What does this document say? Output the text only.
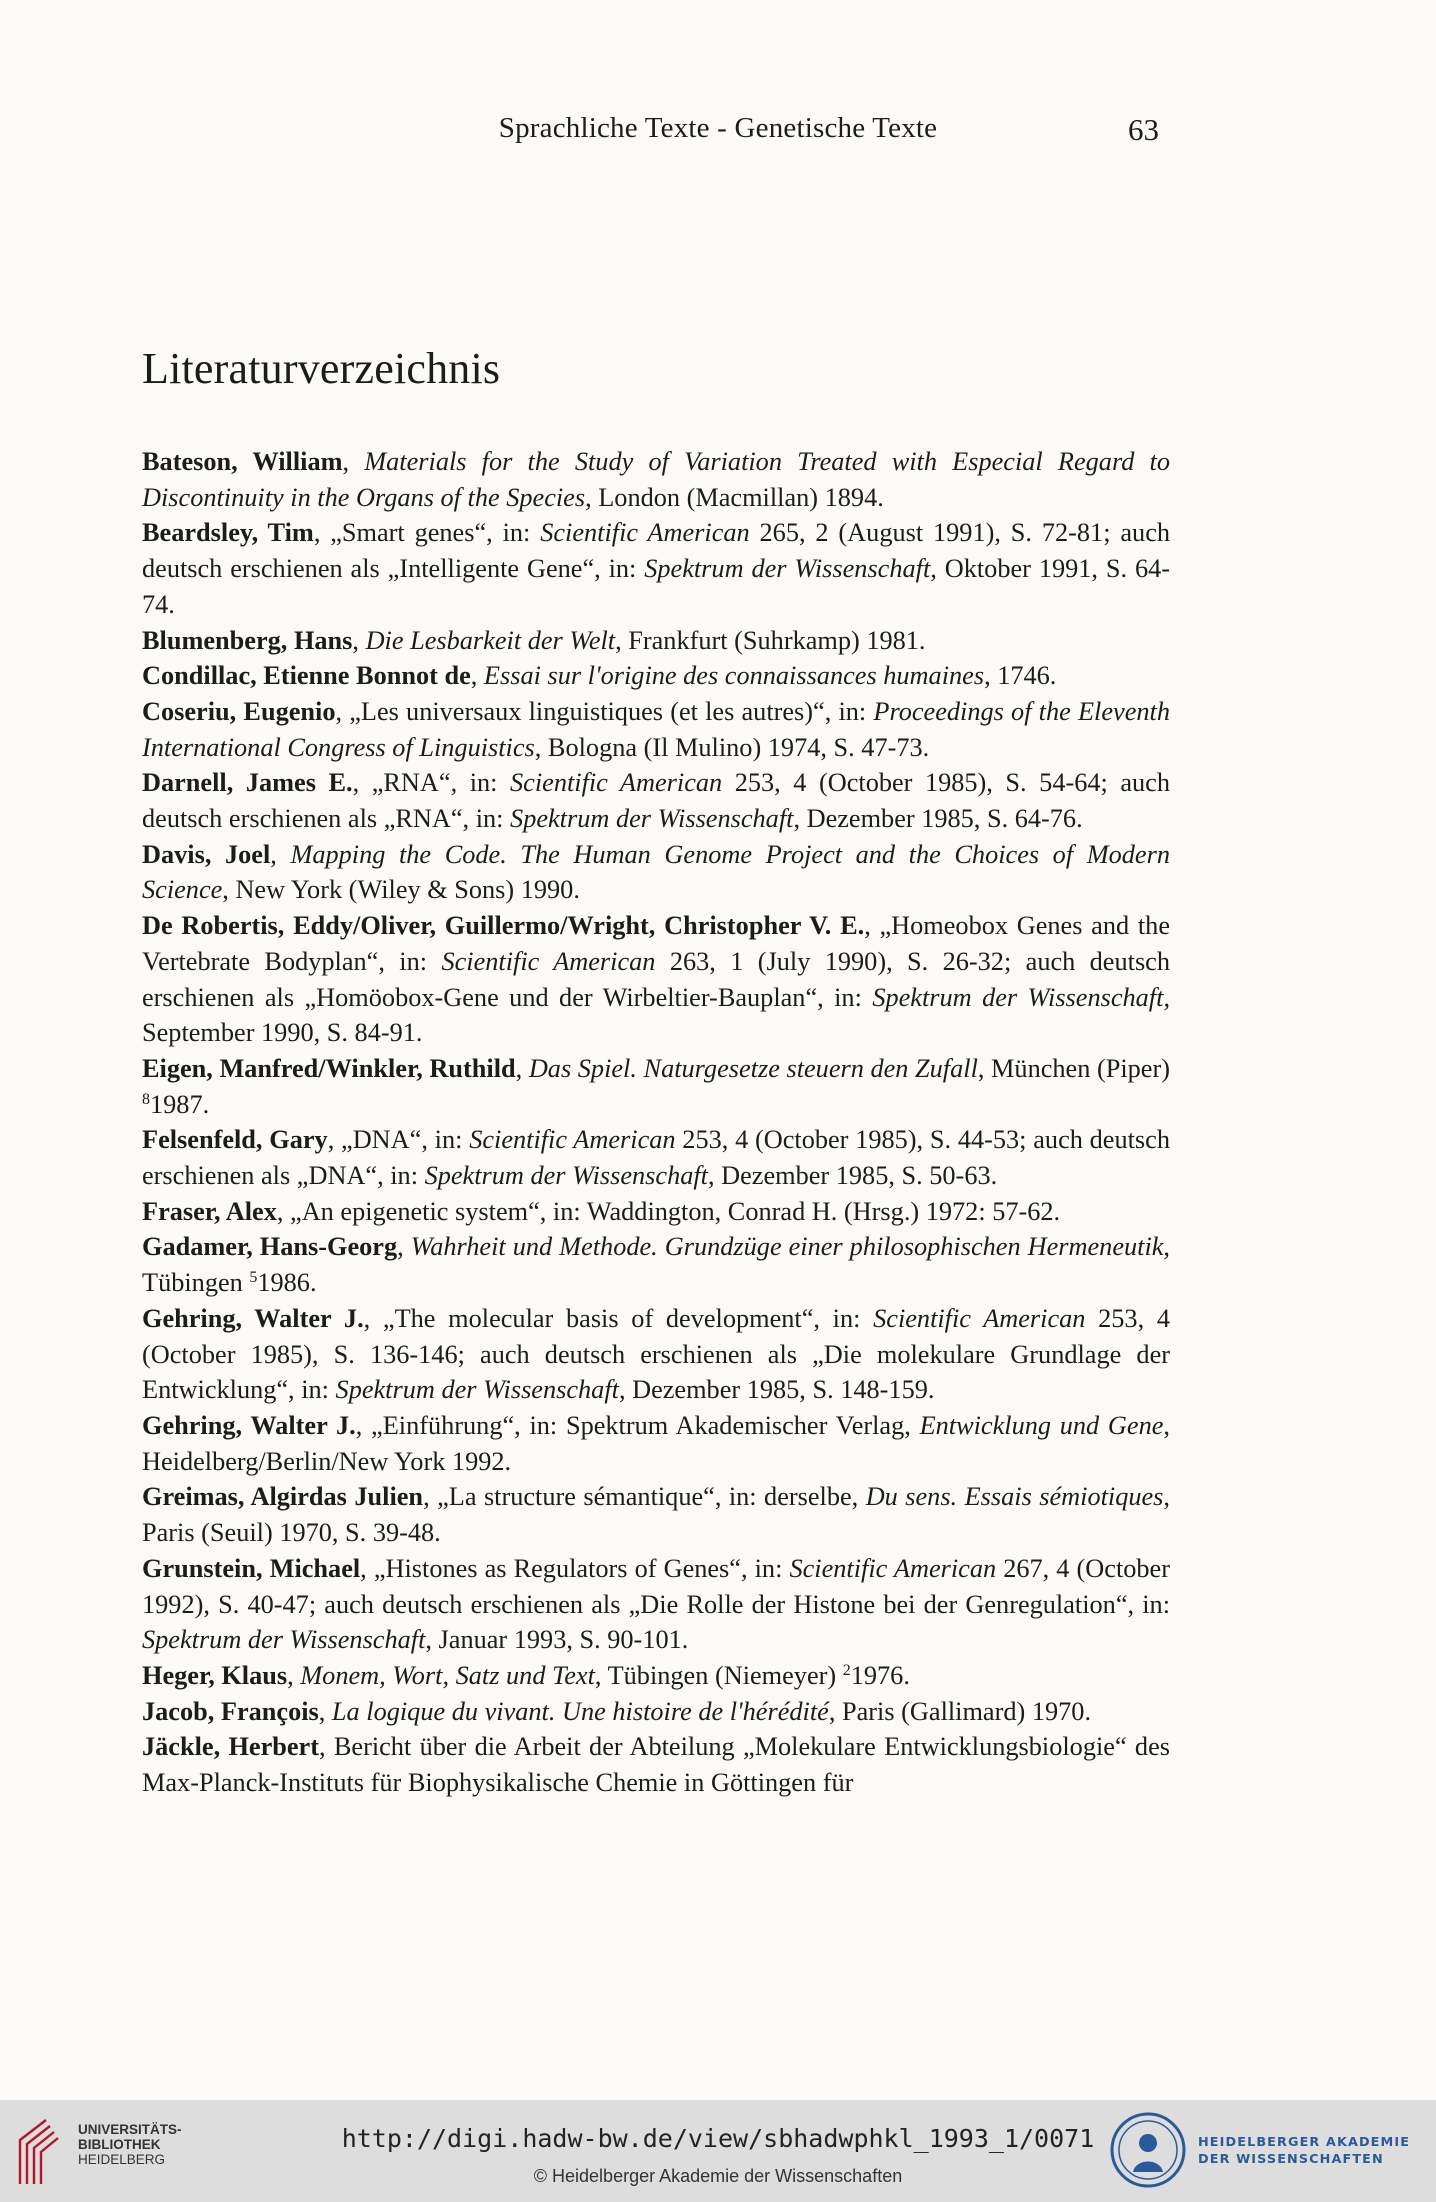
Sprachliche Texte - Genetische Texte	63
Literaturverzeichnis
Bateson, William, Materials for the Study of Variation Treated with Especial Regard to Discontinuity in the Organs of the Species, London (Macmillan) 1894.
Beardsley, Tim, „Smart genes“, in: Scientific American 265, 2 (August 1991), S. 72-81; auch deutsch erschienen als „Intelligente Gene“, in: Spektrum der Wissenschaft, Oktober 1991, S. 64-74.
Blumenberg, Hans, Die Lesbarkeit der Welt, Frankfurt (Suhrkamp) 1981.
Condillac, Etienne Bonnot de, Essai sur l'origine des connaissances humaines, 1746.
Coseriu, Eugenio, „Les universaux linguistiques (et les autres)“, in: Proceedings of the Eleventh International Congress of Linguistics, Bologna (Il Mulino) 1974, S. 47-73.
Darnell, James E., „RNA“, in: Scientific American 253, 4 (October 1985), S. 54-64; auch deutsch erschienen als „RNA“, in: Spektrum der Wissenschaft, Dezember 1985, S. 64-76.
Davis, Joel, Mapping the Code. The Human Genome Project and the Choices of Modern Science, New York (Wiley & Sons) 1990.
De Robertis, Eddy/Oliver, Guillermo/Wright, Christopher V. E., „Homeobox Genes and the Vertebrate Bodyplan“, in: Scientific American 263, 1 (July 1990), S. 26-32; auch deutsch erschienen als „Homöobox-Gene und der Wirbeltier-Bauplan“, in: Spektrum der Wissenschaft, September 1990, S. 84-91.
Eigen, Manfred/Winkler, Ruthild, Das Spiel. Naturgesetze steuern den Zufall, München (Piper) $^8$1987.
Felsenfeld, Gary, „DNA“, in: Scientific American 253, 4 (October 1985), S. 44-53; auch deutsch erschienen als „DNA“, in: Spektrum der Wissenschaft, Dezember 1985, S. 50-63.
Fraser, Alex, „An epigenetic system“, in: Waddington, Conrad H. (Hrsg.) 1972: 57-62.
Gadamer, Hans-Georg, Wahrheit und Methode. Grundzüge einer philosophischen Hermeneutik, Tübingen $^5$1986.
Gehring, Walter J., „The molecular basis of development“, in: Scientific American 253, 4 (October 1985), S. 136-146; auch deutsch erschienen als „Die molekulare Grundlage der Entwicklung“, in: Spektrum der Wissenschaft, Dezember 1985, S. 148-159.
Gehring, Walter J., „Einführung“, in: Spektrum Akademischer Verlag, Entwicklung und Gene, Heidelberg/Berlin/New York 1992.
Greimas, Algirdas Julien, „La structure sémantique“, in: derselbe, Du sens. Essais sémiotiques, Paris (Seuil) 1970, S. 39-48.
Grunstein, Michael, „Histones as Regulators of Genes“, in: Scientific American 267, 4 (October 1992), S. 40-47; auch deutsch erschienen als „Die Rolle der Histone bei der Genregulation“, in: Spektrum der Wissenschaft, Januar 1993, S. 90-101.
Heger, Klaus, Monem, Wort, Satz und Text, Tübingen (Niemeyer) $^2$1976.
Jacob, François, La logique du vivant. Une histoire de l'hérédité, Paris (Gallimard) 1970.
Jäckle, Herbert, Bericht über die Arbeit der Abteilung „Molekulare Entwicklungsbiologie“ des Max-Planck-Instituts für Biophysikalische Chemie in Göttingen für
UNIVERSITÄTS-
BIBLIOTHEK
HEIDELBERG
http://digi.hadw-bw.de/view/sbhadwphkl_1993_1/0071
© Heidelberger Akademie der Wissenschaften
HEIDELBERGER AKADEMIE
DER WISSENSCHAFTEN
